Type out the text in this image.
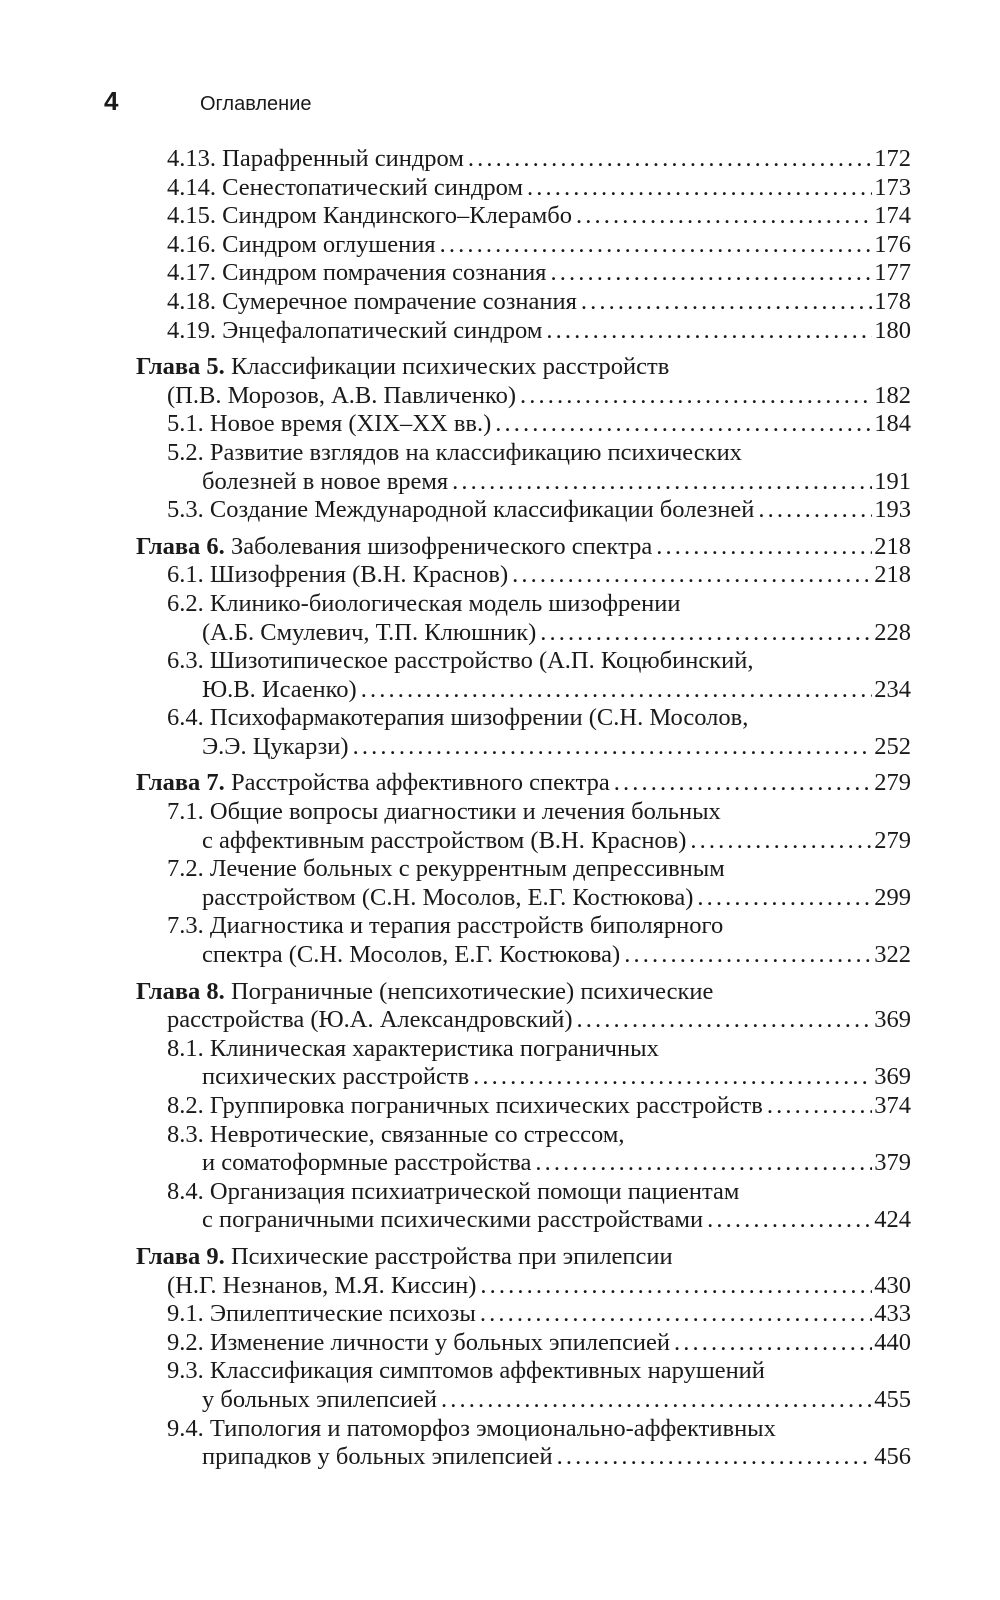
4	Оглавление
4.13. Парафренный синдром . . .	172
4.14. Сенестопатический синдром . . .	173
4.15. Синдром Кандинского–Клерамбо . . .	174
4.16. Синдром оглушения . . .	176
4.17. Синдром помрачения сознания . . .	177
4.18. Сумеречное помрачение сознания . . .	178
4.19. Энцефалопатический синдром . . .	180
Глава 5. Классификации психических расстройств
(П.В. Морозов, А.В. Павличенко) . . .	182
5.1. Новое время (XIX–XX вв.) . . .	184
5.2. Развитие взглядов на классификацию психических
болезней в новое время . . .	191
5.3. Создание Международной классификации болезней . . .	193
Глава 6. Заболевания шизофренического спектра . . .	218
6.1. Шизофрения (В.Н. Краснов) . . .	218
6.2. Клинико-биологическая модель шизофрении
(А.Б. Смулевич, Т.П. Клюшник) . . .	228
6.3. Шизотипическое расстройство (А.П. Коцюбинский,
Ю.В. Исаенко) . . .	234
6.4. Психофармакотерапия шизофрении (С.Н. Мосолов,
Э.Э. Цукарзи) . . .	252
Глава 7. Расстройства аффективного спектра . . .	279
7.1. Общие вопросы диагностики и лечения больных
с аффективным расстройством (В.Н. Краснов) . . .	279
7.2. Лечение больных с рекуррентным депрессивным
расстройством (С.Н. Мосолов, Е.Г. Костюкова) . . .	299
7.3. Диагностика и терапия расстройств биполярного
спектра (С.Н. Мосолов, Е.Г. Костюкова) . . .	322
Глава 8. Пограничные (непсихотические) психические
расстройства (Ю.А. Александровский) . . .	369
8.1. Клиническая характеристика пограничных
психических расстройств . . .	369
8.2. Группировка пограничных психических расстройств . . .	374
8.3. Невротические, связанные со стрессом,
и соматоформные расстройства . . .	379
8.4. Организация психиатрической помощи пациентам
с пограничными психическими расстройствами . . .	424
Глава 9. Психические расстройства при эпилепсии
(Н.Г. Незнанов, М.Я. Киссин) . . .	430
9.1. Эпилептические психозы . . .	433
9.2. Изменение личности у больных эпилепсией . . .	440
9.3. Классификация симптомов аффективных нарушений
у больных эпилепсией . . .	455
9.4. Типология и патоморфоз эмоционально-аффективных
припадков у больных эпилепсией . . .	456
